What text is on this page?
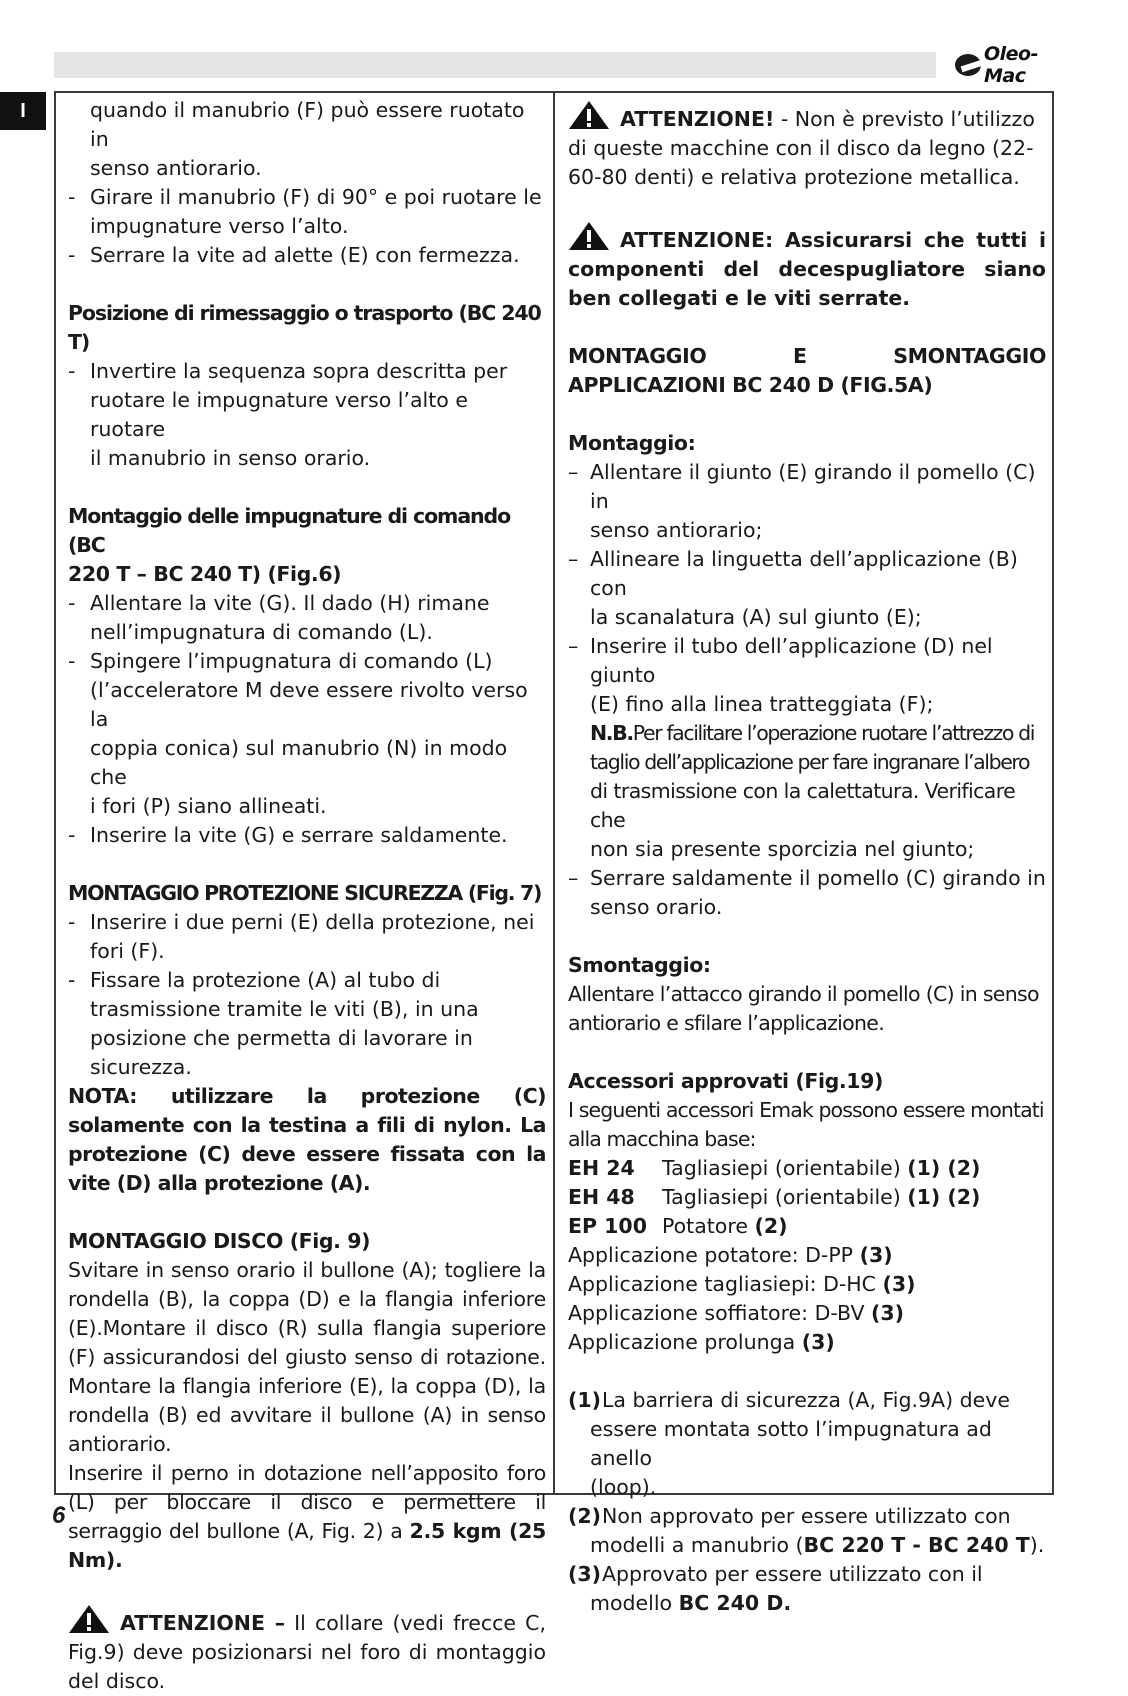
Oleo-Mac
I	quando il manubrio (F) può essere ruotato in

senso antiorario.

- Girare il manubrio (F) di 90° e poi ruotare le

impugnature verso l’alto.

- Serrare la vite ad alette (E) con fermezza.

Posizione di rimessaggio o trasporto (BC 240 T)

- Invertire la sequenza sopra descritta per

ruotare le impugnature verso l’alto e ruotare

il manubrio in senso orario.

Montaggio delle impugnature di comando (BC

220 T – BC 240 T) (Fig.6)

- Allentare la vite (G). Il dado (H) rimane

nell’impugnatura di comando (L).

- Spingere l’impugnatura di comando (L)

(l’acceleratore M deve essere rivolto verso la

coppia conica) sul manubrio (N) in modo che

i fori (P) siano allineati.

- Inserire la vite (G) e serrare saldamente.

MONTAGGIO PROTEZIONE SICUREZZA (Fig. 7)

- Inserire i due perni (E) della protezione, nei

fori (F).

- Fissare la protezione (A) al tubo di

trasmissione tramite le viti (B), in una

posizione che permetta di lavorare in

sicurezza.

NOTA: utilizzare la protezione (C) solamente con la testina a fili di nylon. La protezione (C) deve essere fissata con la vite (D) alla protezione (A).

MONTAGGIO DISCO (Fig. 9)

Svitare in senso orario il bullone (A); togliere la rondella (B), la coppa (D) e la flangia inferiore (E).Montare il disco (R) sulla flangia superiore (F) assicurandosi del giusto senso di rotazione. Montare la flangia inferiore (E), la coppa (D), la rondella (B) ed avvitare il bullone (A) in senso antiorario.

Inserire il perno in dotazione nell’apposito foro (L) per bloccare il disco e permettere il serraggio del bullone (A, Fig. 2) a 2.5 kgm (25 Nm).

ATTENZIONE – Il collare (vedi frecce C, Fig.9) deve posizionarsi nel foro di montaggio del disco.

ATTENZIONE! - Non è previsto l’utilizzo di queste macchine con il disco da legno (22-60-80 denti) e relativa protezione metallica.

ATTENZIONE: Assicurarsi che tutti i componenti del decespugliatore siano ben collegati e le viti serrate.

MONTAGGIO E SMONTAGGIO APPLICAZIONI BC 240 D (FIG.5A)

Montaggio:

– Allentare il giunto (E) girando il pomello (C) in

senso antiorario;

– Allineare la linguetta dell’applicazione (B) con

la scanalatura (A) sul giunto (E);

– Inserire il tubo dell’applicazione (D) nel giunto

(E) fino alla linea tratteggiata (F);

N.B.Per facilitare l’operazione ruotare l’attrezzo di

taglio dell’applicazione per fare ingranare l’albero

di trasmissione con la calettatura. Verificare che

non sia presente sporcizia nel giunto;

– Serrare saldamente il pomello (C) girando in

senso orario.

Smontaggio:

Allentare l’attacco girando il pomello (C) in senso antiorario e sfilare l’applicazione.

Accessori approvati (Fig.19)

I seguenti accessori Emak possono essere montati alla macchina base:

EH 24	Tagliasiepi (orientabile) (1) (2)
EH 48	Tagliasiepi (orientabile) (1) (2)
EP 100 Potatore (2)

Applicazione potatore: D-PP (3)

Applicazione tagliasiepi: D-HC (3)

Applicazione soffiatore: D-BV (3)

Applicazione prolunga (3)

(1) La barriera di sicurezza (A, Fig.9A) deve

essere montata sotto l’impugnatura ad anello

(loop).

(2) Non approvato per essere utilizzato con

modelli a manubrio (BC 220 T - BC 240 T).

(3) Approvato per essere utilizzato con il

modello BC 240 D.

6
